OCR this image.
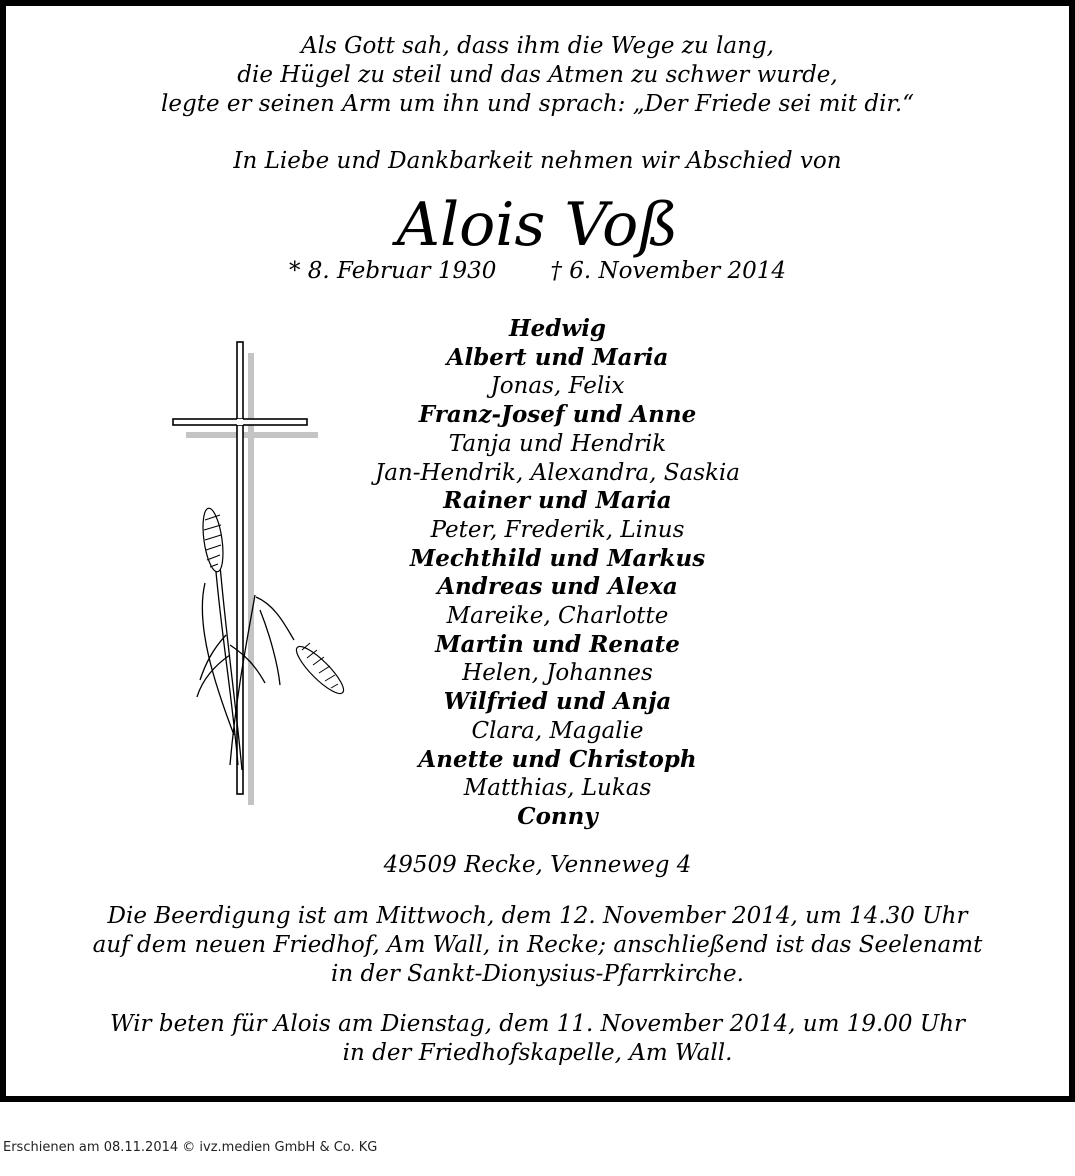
Als Gott sah, dass ihm die Wege zu lang,
die Hügel zu steil und das Atmen zu schwer wurde,
legte er seinen Arm um ihn und sprach: „Der Friede sei mit dir.“
In Liebe und Dankbarkeit nehmen wir Abschied von
Alois Voß
* 8. Februar 1930 † 6. November 2014
Hedwig
Albert und Maria
Jonas, Felix
Franz-Josef und Anne
Tanja und Hendrik
Jan-Hendrik, Alexandra, Saskia
Rainer und Maria
Peter, Frederik, Linus
Mechthild und Markus
Andreas und Alexa
Mareike, Charlotte
Martin und Renate
Helen, Johannes
Wilfried und Anja
Clara, Magalie
Anette und Christoph
Matthias, Lukas
Conny
49509 Recke, Venneweg 4
Die Beerdigung ist am Mittwoch, dem 12. November 2014, um 14.30 Uhr
auf dem neuen Friedhof, Am Wall, in Recke; anschließend ist das Seelenamt
in der Sankt-Dionysius-Pfarrkirche.
Wir beten für Alois am Dienstag, dem 11. November 2014, um 19.00 Uhr
in der Friedhofskapelle, Am Wall.
Erschienen am 08.11.2014 © ivz.medien GmbH & Co. KG
